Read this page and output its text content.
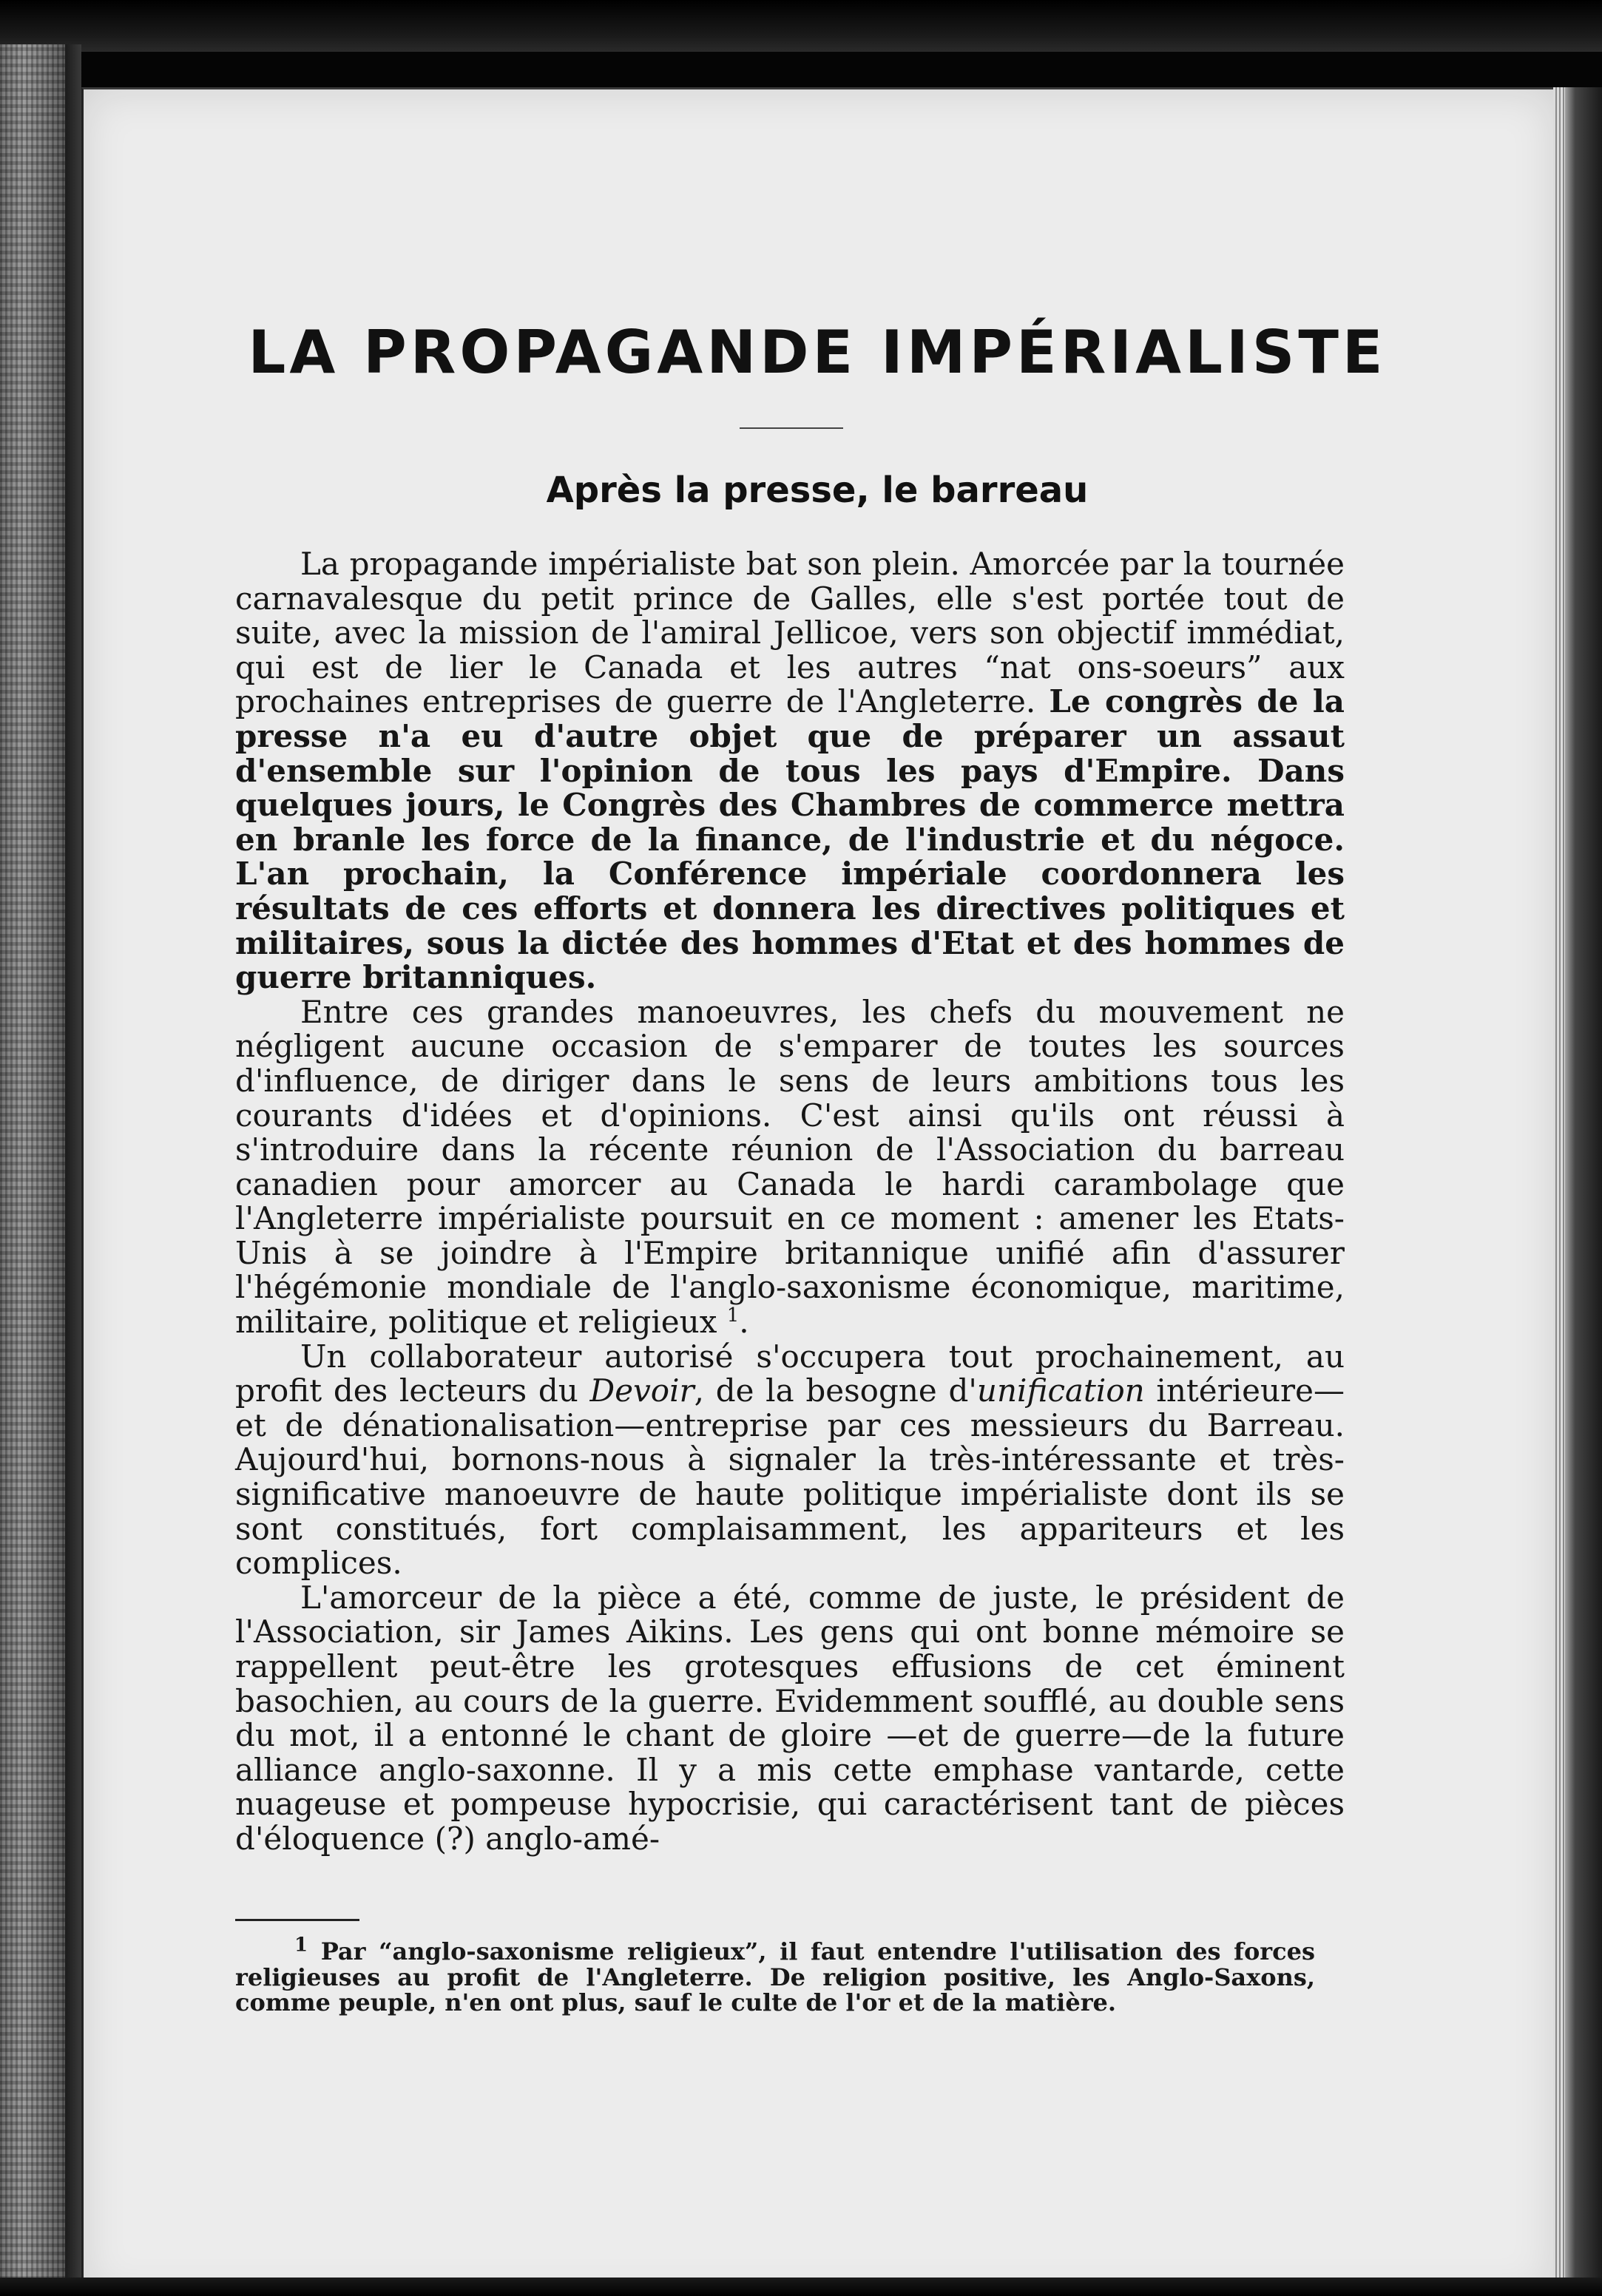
LA PROPAGANDE IMPÉRIALISTE
Après la presse, le barreau

La propagande impérialiste bat son plein. Amorcée par la tournée carnavalesque du petit prince de Galles, elle s'est portée tout de suite, avec la mission de l'amiral Jellicoe, vers son objectif immédiat, qui est de lier le Canada et les autres “nat ons-soeurs” aux prochaines entreprises de guerre de l'Angleterre. Le congrès de la presse n'a eu d'autre objet que de préparer un assaut d'ensemble sur l'opinion de tous les pays d'Empire. Dans quelques jours, le Congrès des Chambres de commerce mettra en branle les force de la finance, de l'industrie et du négoce. L'an prochain, la Conférence impériale coordonnera les résultats de ces efforts et donnera les directives politiques et militaires, sous la dictée des hommes d'Etat et des hommes de guerre britanniques.

Entre ces grandes manoeuvres, les chefs du mouvement ne négligent aucune occasion de s'emparer de toutes les sources d'influence, de diriger dans le sens de leurs ambitions tous les courants d'idées et d'opinions. C'est ainsi qu'ils ont réussi à s'introduire dans la récente réunion de l'Association du barreau canadien pour amorcer au Canada le hardi carambolage que l'Angleterre impérialiste poursuit en ce moment : amener les Etats-Unis à se joindre à l'Empire britannique unifié afin d'assurer l'hégémonie mondiale de l'anglo-saxonisme économique, maritime, militaire, politique et religieux $^1$.

Un collaborateur autorisé s'occupera tout prochainement, au profit des lecteurs du Devoir, de la besogne d'unification intérieure—et de dénationalisation—entreprise par ces messieurs du Barreau. Aujourd'hui, bornons-nous à signaler la très-intéressante et très-significative manoeuvre de haute politique impérialiste dont ils se sont constitués, fort complaisamment, les appariteurs et les complices.

L'amorceur de la pièce a été, comme de juste, le président de l'Association, sir James Aikins. Les gens qui ont bonne mémoire se rappellent peut-être les grotesques effusions de cet éminent basochien, au cours de la guerre. Evidemment soufflé, au double sens du mot, il a entonné le chant de gloire —et de guerre—de la future alliance anglo-saxonne. Il y a mis cette emphase vantarde, cette nuageuse et pompeuse hypocrisie, qui caractérisent tant de pièces d'éloquence (?) anglo-amé-

$^1$ Par “anglo-saxonisme religieux”, il faut entendre l'utilisation des forces religieuses au profit de l'Angleterre. De religion positive, les Anglo-Saxons, comme peuple, n'en ont plus, sauf le culte de l'or et de la matière.
